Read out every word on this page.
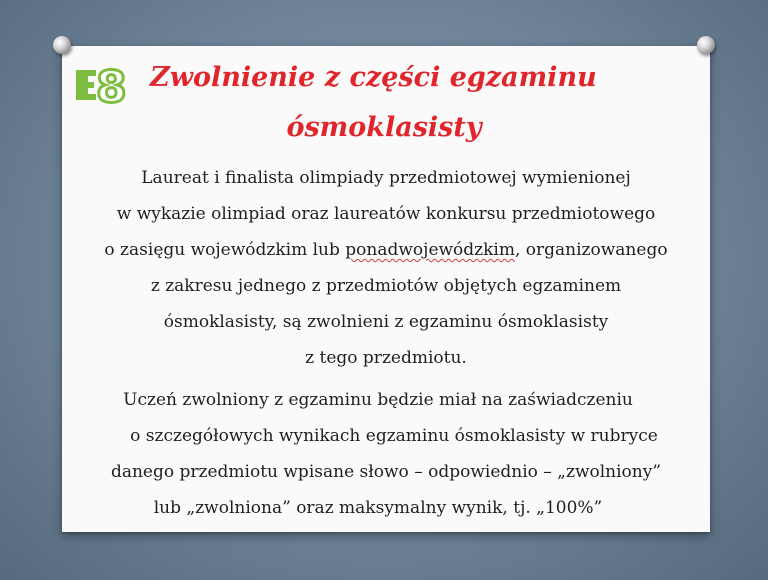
8 Zwolnienie z części egzaminu
ósmoklasisty
Laureat i finalista olimpiady przedmiotowej wymienionej
w wykazie olimpiad oraz laureatów konkursu przedmiotowego
o zasięgu wojewódzkim lub ponadwojewódzkim, organizowanego
z zakresu jednego z przedmiotów objętych egzaminem
ósmoklasisty, są zwolnieni z egzaminu ósmoklasisty
z tego przedmiotu.
Uczeń zwolniony z egzaminu będzie miał na zaświadczeniu
o szczegółowych wynikach egzaminu ósmoklasisty w rubryce
danego przedmiotu wpisane słowo – odpowiednio – „zwolniony”
lub „zwolniona” oraz maksymalny wynik, tj. „100%”
